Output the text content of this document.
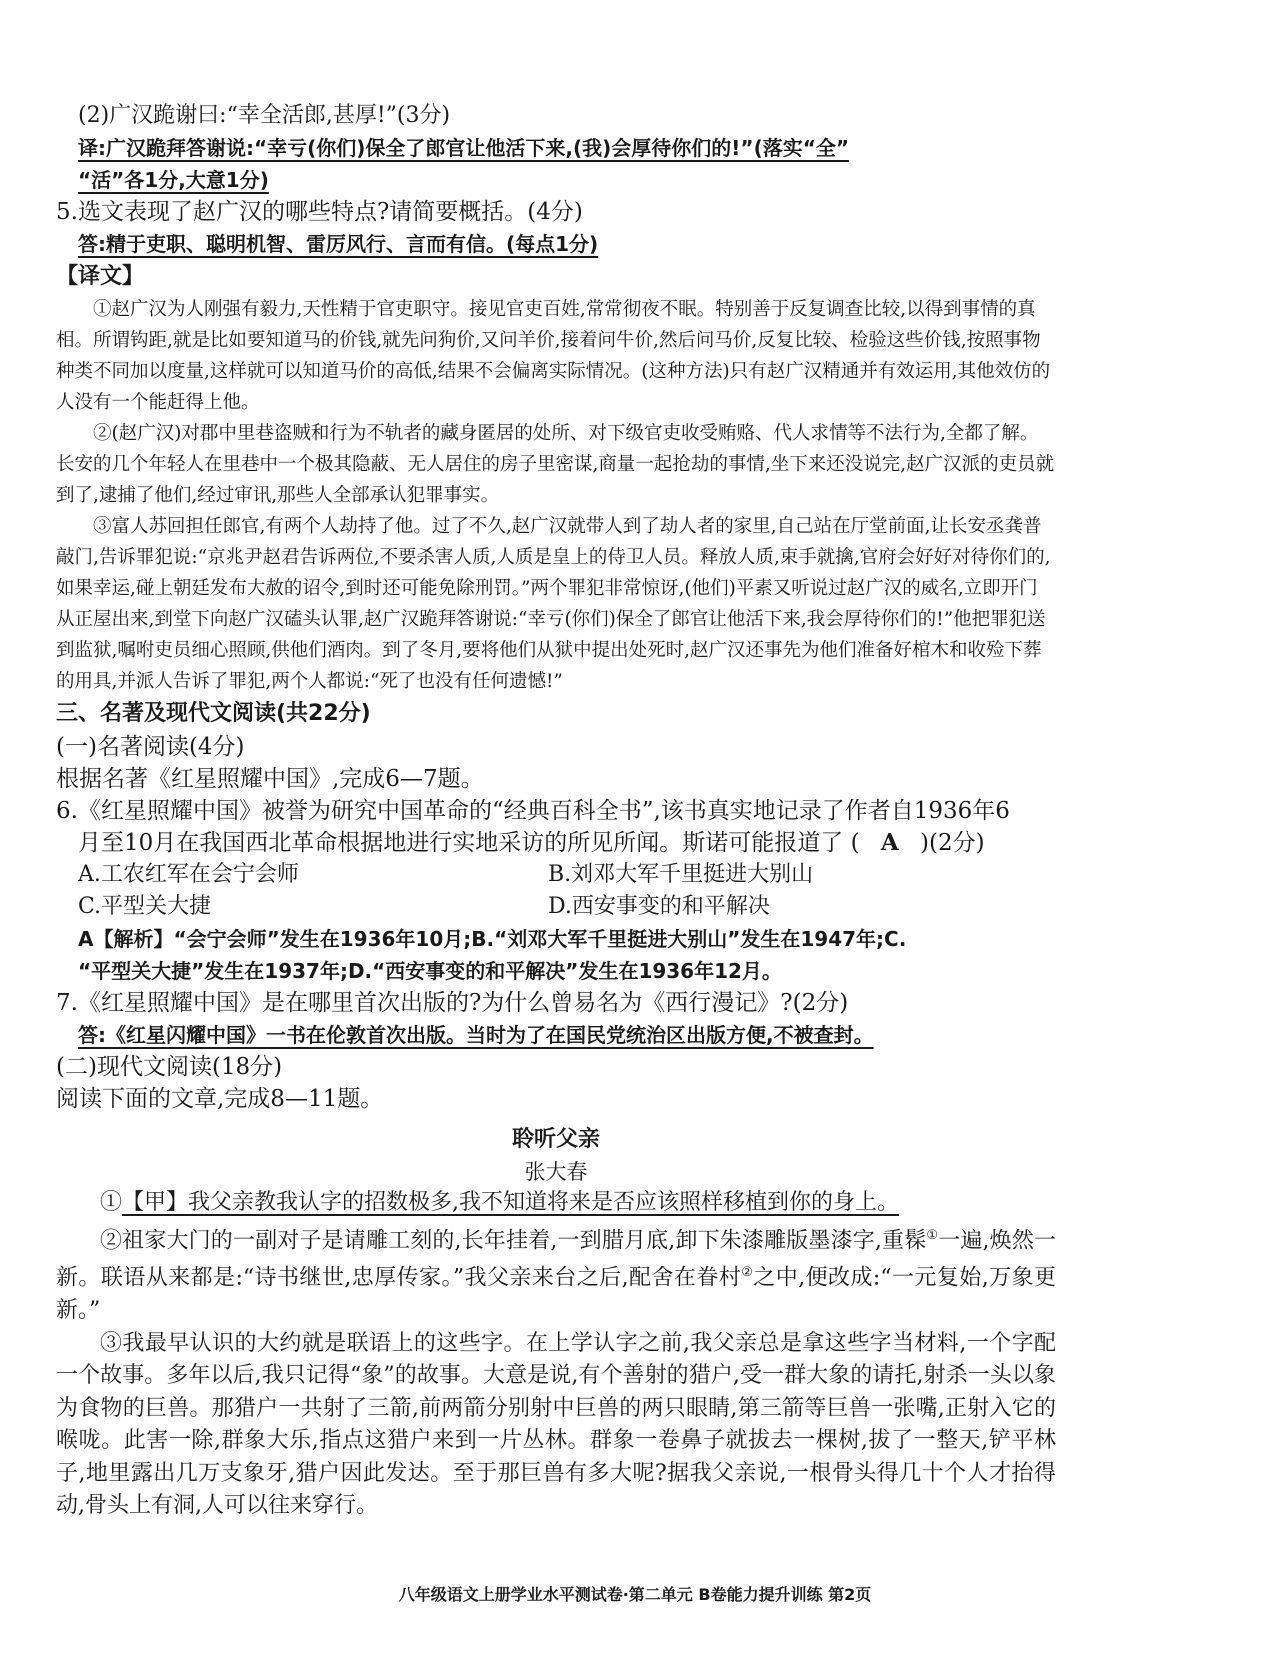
(2)广汉跪谢曰:“幸全活郎,甚厚!”(3分)
译:广汉跪拜答谢说:“幸亏(你们)保全了郎官让他活下来,(我)会厚待你们的!”(落实“全”
“活”各1分,大意1分)
5.选文表现了赵广汉的哪些特点?请简要概括。(4分)
答:精于吏职、聪明机智、雷厉风行、言而有信。(每点1分)
【译文】

①赵广汉为人刚强有毅力,天性精于官吏职守。接见官吏百姓,常常彻夜不眠。特别善于反复调查比较,以得到事情的真相。所谓钩距,就是比如要知道马的价钱,就先问狗价,又问羊价,接着问牛价,然后问马价,反复比较、检验这些价钱,按照事物种类不同加以度量,这样就可以知道马价的高低,结果不会偏离实际情况。(这种方法)只有赵广汉精通并有效运用,其他效仿的人没有一个能赶得上他。

②(赵广汉)对郡中里巷盗贼和行为不轨者的藏身匿居的处所、对下级官吏收受贿赂、代人求情等不法行为,全都了解。长安的几个年轻人在里巷中一个极其隐蔽、无人居住的房子里密谋,商量一起抢劫的事情,坐下来还没说完,赵广汉派的吏员就到了,逮捕了他们,经过审讯,那些人全部承认犯罪事实。

③富人苏回担任郎官,有两个人劫持了他。过了不久,赵广汉就带人到了劫人者的家里,自己站在厅堂前面,让长安丞龚普敲门,告诉罪犯说:“京兆尹赵君告诉两位,不要杀害人质,人质是皇上的侍卫人员。释放人质,束手就擒,官府会好好对待你们的,如果幸运,碰上朝廷发布大赦的诏令,到时还可能免除刑罚。”两个罪犯非常惊讶,(他们)平素又听说过赵广汉的威名,立即开门从正屋出来,到堂下向赵广汉磕头认罪,赵广汉跪拜答谢说:“幸亏(你们)保全了郎官让他活下来,我会厚待你们的!”他把罪犯送到监狱,嘱咐吏员细心照顾,供他们酒肉。到了冬月,要将他们从狱中提出处死时,赵广汉还事先为他们准备好棺木和收殓下葬的用具,并派人告诉了罪犯,两个人都说:“死了也没有任何遗憾!”

三、名著及现代文阅读(共22分)
(一)名著阅读(4分)
根据名著《红星照耀中国》,完成6—7题。
6.《红星照耀中国》被誉为研究中国革命的“经典百科全书”,该书真实地记录了作者自1936年6
月至10月在我国西北革命根据地进行实地采访的所见所闻。斯诺可能报道了 ( A )(2分)
A.工农红军在会宁会师	B.刘邓大军千里挺进大别山
C.平型关大捷	D.西安事变的和平解决
A【解析】“会宁会师”发生在1936年10月;B.“刘邓大军千里挺进大别山”发生在1947年;C.
“平型关大捷”发生在1937年;D.“西安事变的和平解决”发生在1936年12月。
7.《红星照耀中国》是在哪里首次出版的?为什么曾易名为《西行漫记》?(2分)
答:《红星闪耀中国》一书在伦敦首次出版。当时为了在国民党统治区出版方便,不被查封。
(二)现代文阅读(18分)
阅读下面的文章,完成8—11题。
聆听父亲
张大春

①【甲】我父亲教我认字的招数极多,我不知道将来是否应该照样移植到你的身上。

②祖家大门的一副对子是请雕工刻的,长年挂着,一到腊月底,卸下朱漆雕版墨漆字,重髹①一遍,焕然一新。联语从来都是:“诗书继世,忠厚传家。”我父亲来台之后,配舍在眷村②之中,便改成:“一元复始,万象更新。”

③我最早认识的大约就是联语上的这些字。在上学认字之前,我父亲总是拿这些字当材料,一个字配一个故事。多年以后,我只记得“象”的故事。大意是说,有个善射的猎户,受一群大象的请托,射杀一头以象为食物的巨兽。那猎户一共射了三箭,前两箭分别射中巨兽的两只眼睛,第三箭等巨兽一张嘴,正射入它的喉咙。此害一除,群象大乐,指点这猎户来到一片丛林。群象一卷鼻子就拔去一棵树,拔了一整天,铲平林子,地里露出几万支象牙,猎户因此发达。至于那巨兽有多大呢?据我父亲说,一根骨头得几十个人才抬得动,骨头上有洞,人可以往来穿行。

八年级语文上册学业水平测试卷·第二单元 B卷能力提升训练 第2页
